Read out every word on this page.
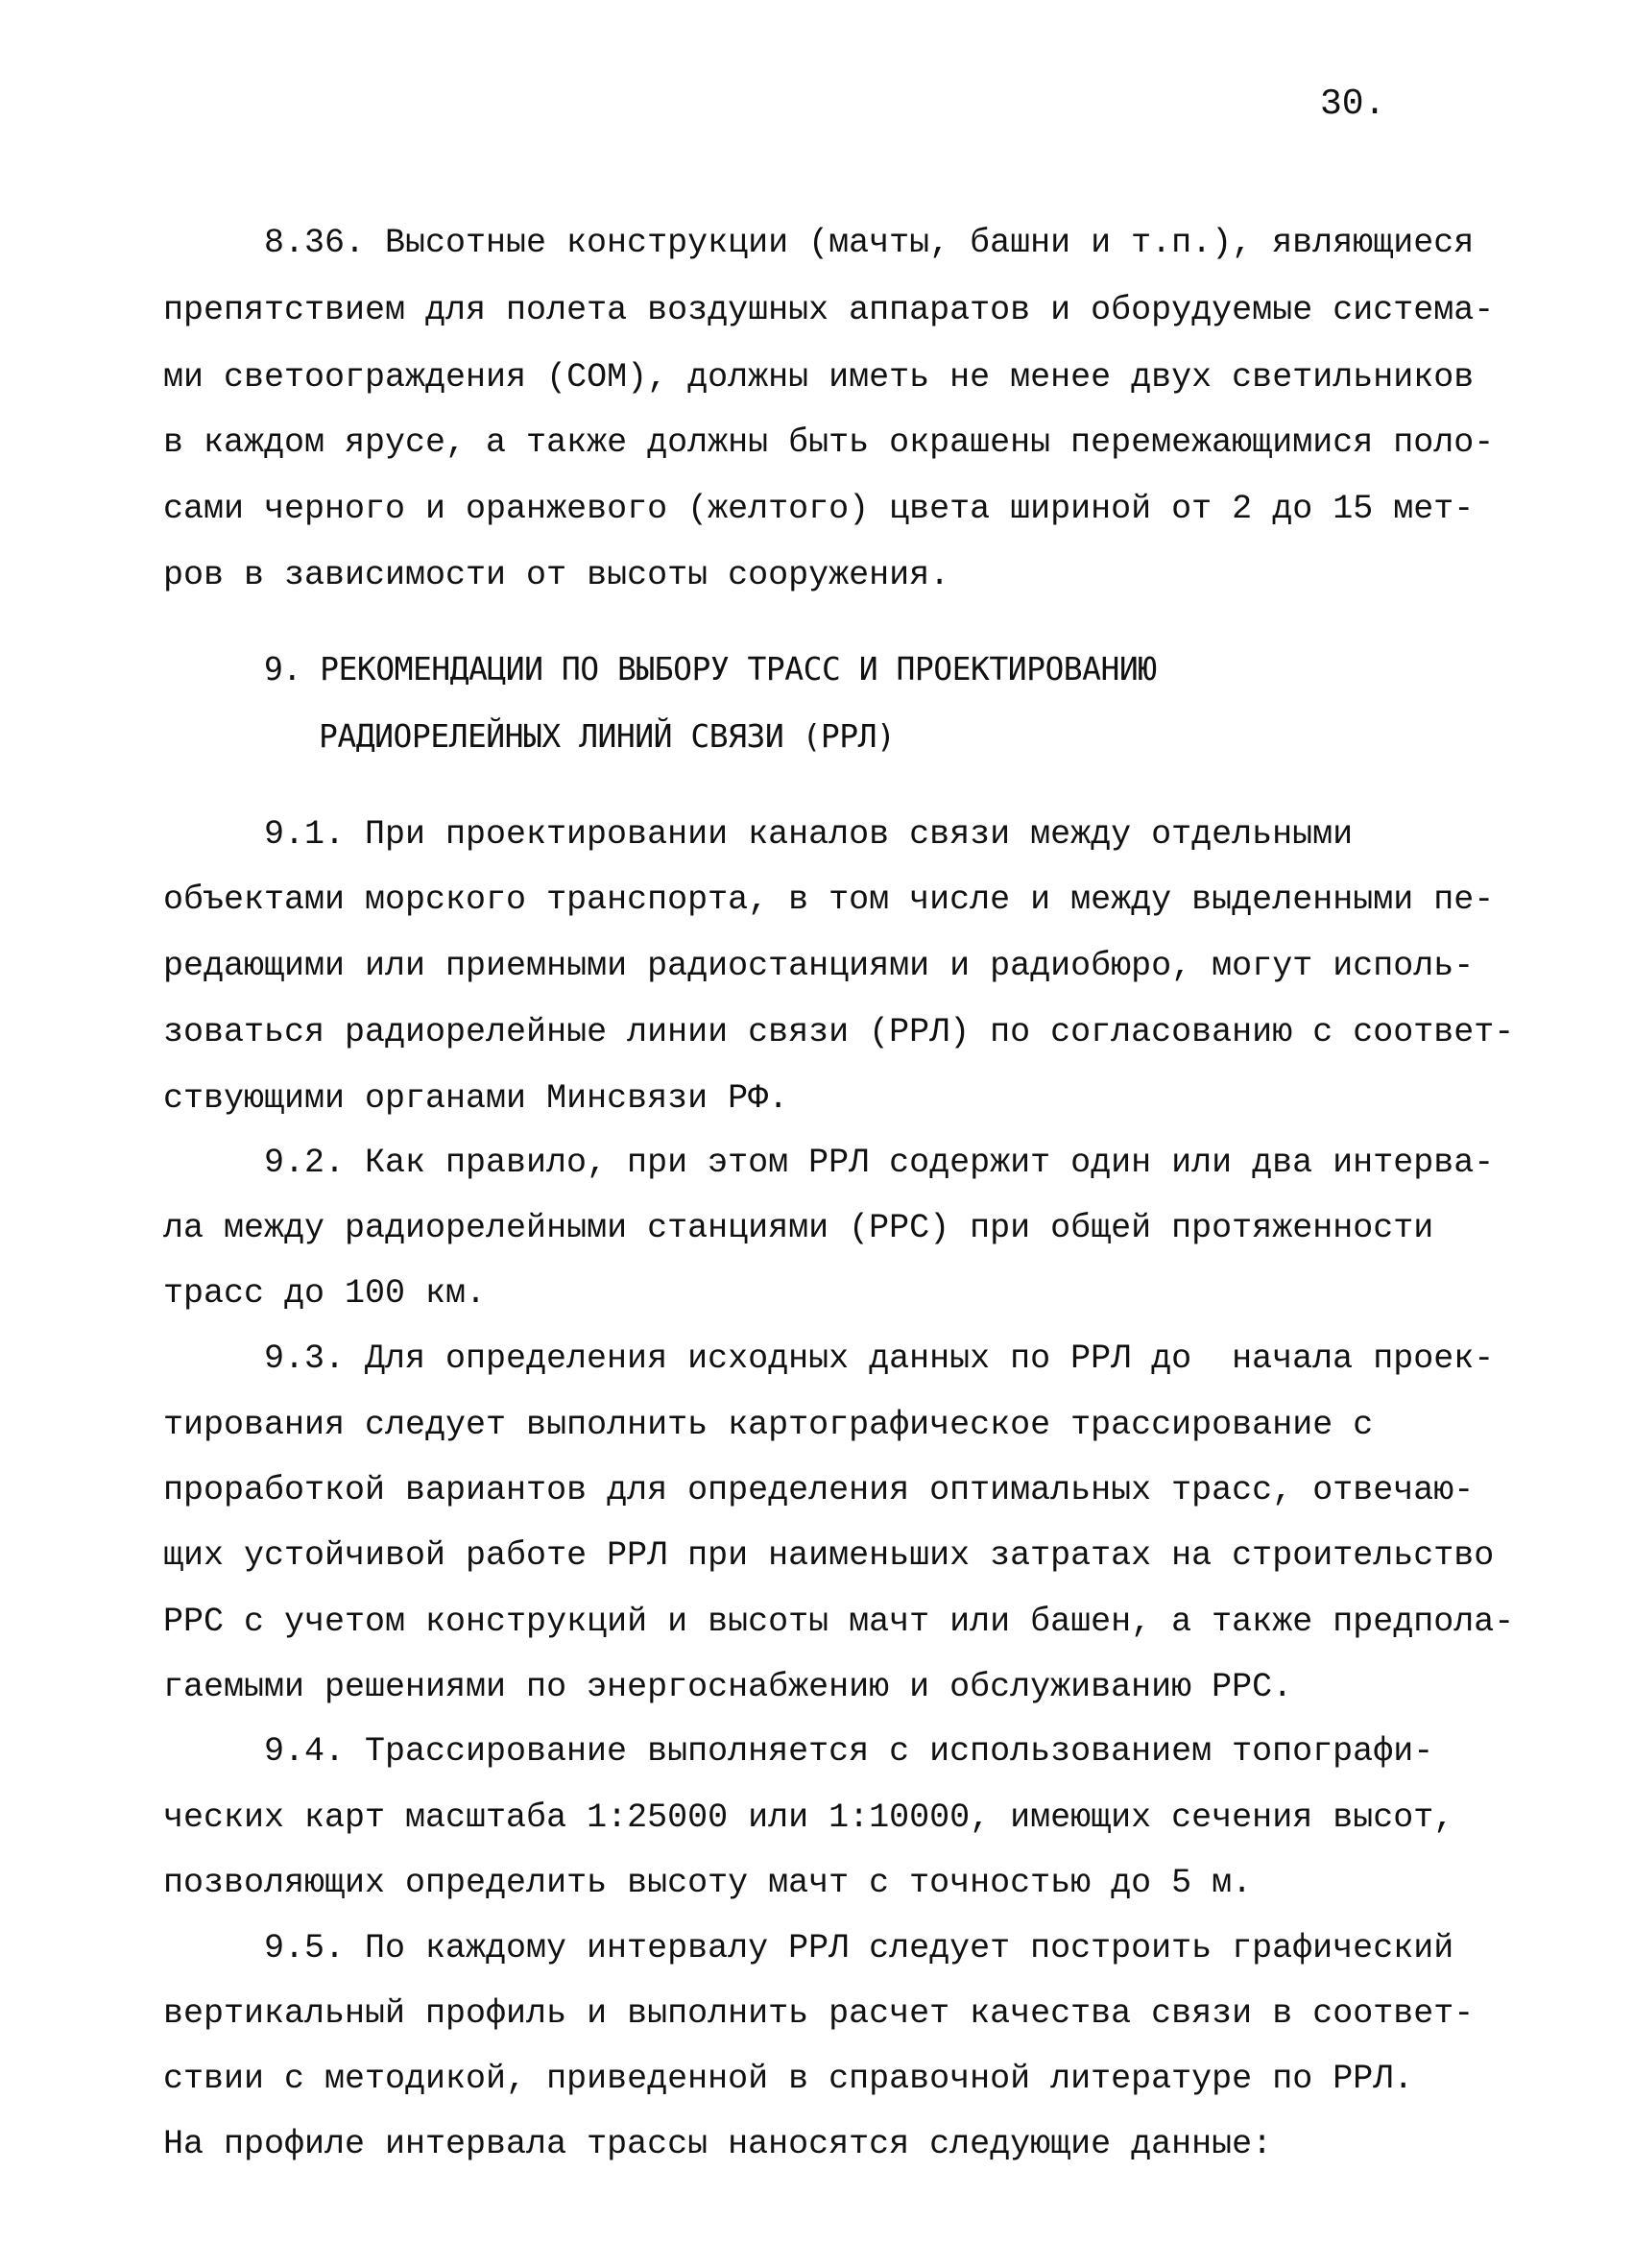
30.
8.36. Высотные конструкции (мачты, башни и т.п.), являющиеся
препятствием для полета воздушных аппаратов и оборудуемые система-
ми светоограждения (СОМ), должны иметь не менее двух светильников
в каждом ярусе, а также должны быть окрашены перемежающимися поло-
сами черного и оранжевого (желтого) цвета шириной от 2 до 15 мет-
ров в зависимости от высоты сооружения.
9. РЕКОМЕНДАЦИИ ПО ВЫБОРУ ТРАСС И ПРОЕКТИРОВАНИЮ
РАДИОРЕЛЕЙНЫХ ЛИНИЙ СВЯЗИ (РРЛ)
9.1. При проектировании каналов связи между отдельными
объектами морского транспорта, в том числе и между выделенными пе-
редающими или приемными радиостанциями и радиобюро, могут исполь-
зоваться радиорелейные линии связи (РРЛ) по согласованию с соответ-
ствующими органами Минсвязи РФ.
9.2. Как правило, при этом РРЛ содержит один или два интерва-
ла между радиорелейными станциями (РРС) при общей протяженности
трасс до 100 км.
9.3. Для определения исходных данных по РРЛ до  начала проек-
тирования следует выполнить картографическое трассирование с
проработкой вариантов для определения оптимальных трасс, отвечаю-
щих устойчивой работе РРЛ при наименьших затратах на строительство
РРС с учетом конструкций и высоты мачт или башен, а также предпола-
гаемыми решениями по энергоснабжению и обслуживанию РРС.
9.4. Трассирование выполняется с использованием топографи-
ческих карт масштаба 1:25000 или 1:10000, имеющих сечения высот,
позволяющих определить высоту мачт с точностью до 5 м.
9.5. По каждому интервалу РРЛ следует построить графический
вертикальный профиль и выполнить расчет качества связи в соответ-
ствии с методикой, приведенной в справочной литературе по РРЛ.
На профиле интервала трассы наносятся следующие данные:
